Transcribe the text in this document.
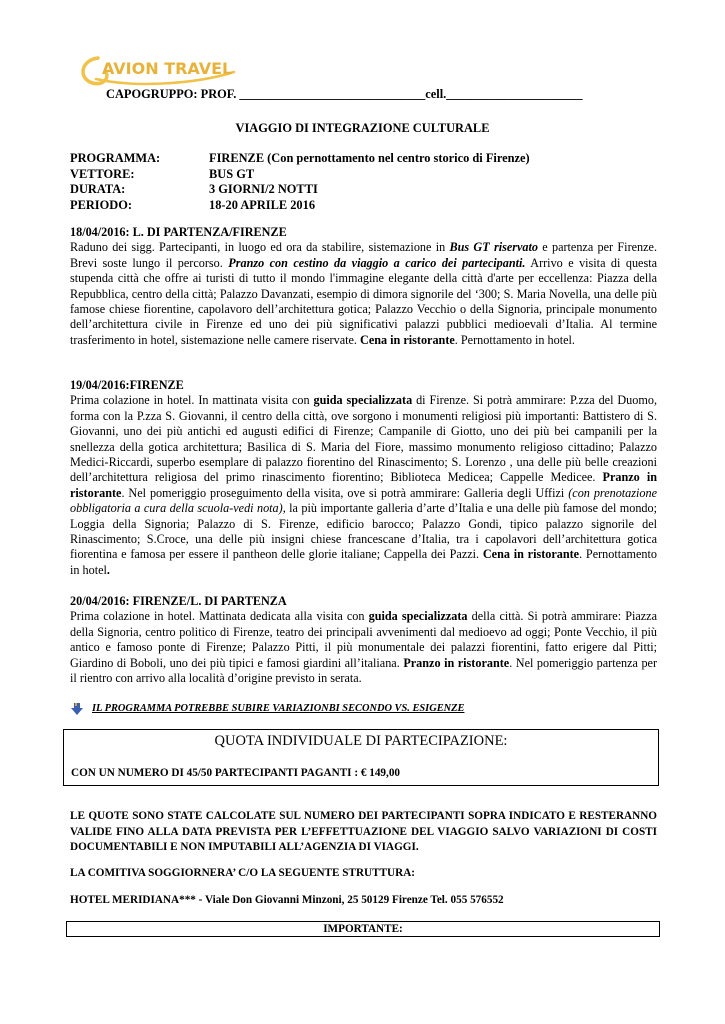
AVION TRAVEL
CAPOGRUPPO: PROF. ______________________________cell.______________________
VIAGGIO DI INTEGRAZIONE CULTURALE
PROGRAMMA:	FIRENZE (Con pernottamento nel centro storico di Firenze)
VETTORE:	BUS GT
DURATA:	3 GIORNI/2 NOTTI
PERIODO:	18-20 APRILE 2016
18/04/2016: L. DI PARTENZA/FIRENZE

Raduno dei sigg. Partecipanti, in luogo ed ora da stabilire, sistemazione in Bus GT riservato e partenza per Firenze. Brevi soste lungo il percorso. Pranzo con cestino da viaggio a carico dei partecipanti. Arrivo e visita di questa stupenda città che offre ai turisti di tutto il mondo l'immagine elegante della città d'arte per eccellenza: Piazza della Repubblica, centro della città; Palazzo Davanzati, esempio di dimora signorile del ‘300; S. Maria Novella, una delle più famose chiese fiorentine, capolavoro dell’architettura gotica; Palazzo Vecchio o della Signoria, principale monumento dell’architettura civile in Firenze ed uno dei più significativi palazzi pubblici medioevali d’Italia. Al termine trasferimento in hotel, sistemazione nelle camere riservate. Cena in ristorante. Pernottamento in hotel.

19/04/2016:FIRENZE

Prima colazione in hotel. In mattinata visita con guida specializzata di Firenze. Si potrà ammirare: P.zza del Duomo, forma con la P.zza S. Giovanni, il centro della città, ove sorgono i monumenti religiosi più importanti: Battistero di S. Giovanni, uno dei più antichi ed augusti edifici di Firenze; Campanile di Giotto, uno dei più bei campanili per la snellezza della gotica architettura; Basilica di S. Maria del Fiore, massimo monumento religioso cittadino; Palazzo Medici-Riccardi, superbo esemplare di palazzo fiorentino del Rinascimento; S. Lorenzo , una delle più belle creazioni dell’architettura religiosa del primo rinascimento fiorentino; Biblioteca Medicea; Cappelle Medicee. Pranzo in ristorante. Nel pomeriggio proseguimento della visita, ove si potrà ammirare: Galleria degli Uffizi (con prenotazione obbligatoria a cura della scuola-vedi nota), la più importante galleria d’arte d’Italia e una delle più famose del mondo; Loggia della Signoria; Palazzo di S. Firenze, edificio barocco; Palazzo Gondi, tipico palazzo signorile del Rinascimento; S.Croce, una delle più insigni chiese francescane d’Italia, tra i capolavori dell’architettura gotica fiorentina e famosa per essere il pantheon delle glorie italiane; Cappella dei Pazzi. Cena in ristorante. Pernottamento in hotel.

20/04/2016: FIRENZE/L. DI PARTENZA

Prima colazione in hotel. Mattinata dedicata alla visita con guida specializzata della città. Si potrà ammirare: Piazza della Signoria, centro politico di Firenze, teatro dei principali avvenimenti dal medioevo ad oggi; Ponte Vecchio, il più antico e famoso ponte di Firenze; Palazzo Pitti, il più monumentale dei palazzi fiorentini, fatto erigere dal Pitti; Giardino di Boboli, uno dei più tipici e famosi giardini all’italiana. Pranzo in ristorante. Nel pomeriggio partenza per il rientro con arrivo alla località d’origine previsto in serata.

IL PROGRAMMA POTREBBE SUBIRE VARIAZIONBI SECONDO VS. ESIGENZE
QUOTA INDIVIDUALE DI PARTECIPAZIONE:
CON UN NUMERO DI 45/50 PARTECIPANTI PAGANTI : € 149,00
LE QUOTE SONO STATE CALCOLATE SUL NUMERO DEI PARTECIPANTI SOPRA INDICATO E RESTERANNO VALIDE FINO ALLA DATA PREVISTA PER L’EFFETTUAZIONE DEL VIAGGIO SALVO VARIAZIONI DI COSTI DOCUMENTABILI E NON IMPUTABILI ALL’AGENZIA DI VIAGGI.
LA COMITIVA SOGGIORNERA’ C/O LA SEGUENTE STRUTTURA:
HOTEL MERIDIANA*** - Viale Don Giovanni Minzoni, 25 50129 Firenze Tel. 055 576552
IMPORTANTE:
